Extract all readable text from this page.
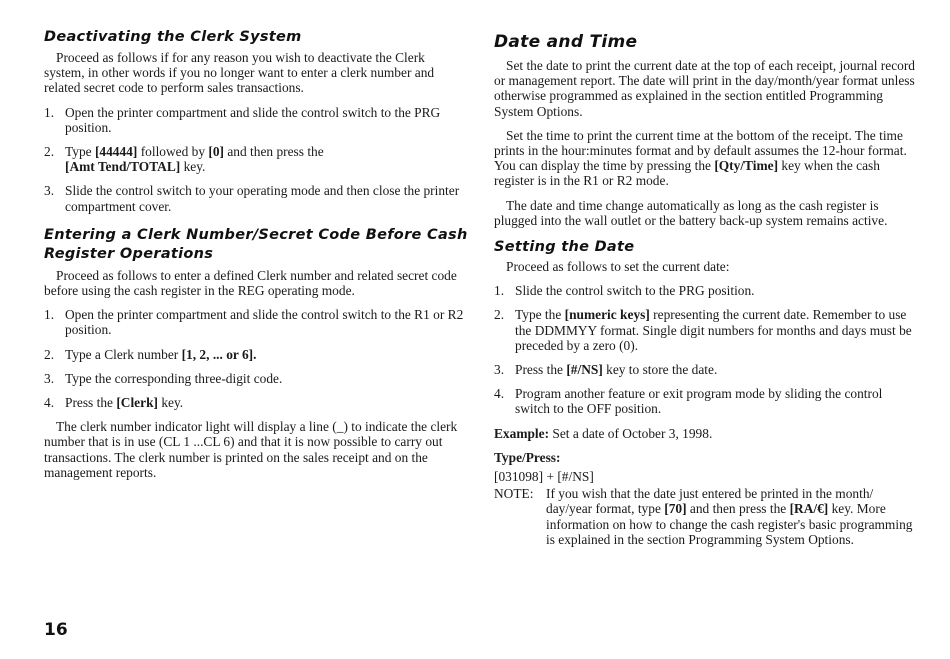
Deactivating the Clerk System

Proceed as follows if for any reason you wish to deactivate the Clerk system, in other words if you no longer want to enter a clerk number and related secret code to perform sales transactions.

1. Open the printer compartment and slide the control switch to the PRG position.
2. Type [44444] followed by [0] and then press the
[Amt Tend/TOTAL] key.
3. Slide the control switch to your operating mode and then close the printer compartment cover.
Entering a Clerk Number/Secret Code Before Cash
Register Operations

Proceed as follows to enter a defined Clerk number and related secret code before using the cash register in the REG operating mode.

1. Open the printer compartment and slide the control switch to the R1 or R2 position.
2. Type a Clerk number [1, 2, ... or 6].
3. Type the corresponding three-digit code.
4. Press the [Clerk] key.

The clerk number indicator light will display a line (_) to indicate the clerk number that is in use (CL 1 ...CL 6) and that it is now possible to carry out transactions. The clerk number is printed on the sales receipt and on the management reports.

Date and Time

Set the date to print the current date at the top of each receipt, journal record or management report. The date will print in the day/month/year format unless otherwise programmed as explained in the section entitled Programming System Options.

Set the time to print the current time at the bottom of the receipt. The time prints in the hour:minutes format and by default assumes the 12-hour format. You can display the time by pressing the [Qty/Time] key when the cash register is in the R1 or R2 mode.

The date and time change automatically as long as the cash register is plugged into the wall outlet or the battery back-up system remains active.

Setting the Date

Proceed as follows to set the current date:

1. Slide the control switch to the PRG position.
2. Type the [numeric keys] representing the current date. Remember to use the DDMMYY format. Single digit numbers for months and days must be preceded by a zero (0).
3. Press the [#/NS] key to store the date.
4. Program another feature or exit program mode by sliding the control switch to the OFF position.

Example: Set a date of October 3, 1998.

Type/Press:

[031098] + [#/NS]

NOTE: If you wish that the date just entered be printed in the month/ day/year format, type [70] and then press the [RA/€] key. More information on how to change the cash register's basic programming is explained in the section Programming System Options.

16
